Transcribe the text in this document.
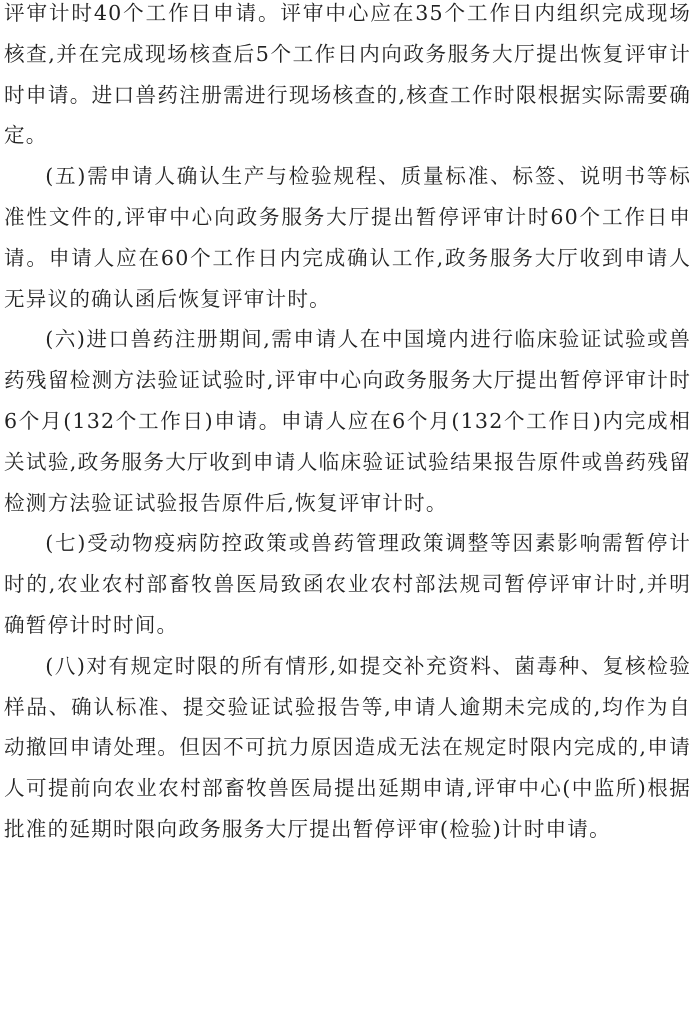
评审计时40个工作日申请。评审中心应在35个工作日内组织完成现场核查,并在完成现场核查后5个工作日内向政务服务大厅提出恢复评审计时申请。进口兽药注册需进行现场核查的,核查工作时限根据实际需要确定。

(五)需申请人确认生产与检验规程、质量标准、标签、说明书等标准性文件的,评审中心向政务服务大厅提出暂停评审计时60个工作日申请。申请人应在60个工作日内完成确认工作,政务服务大厅收到申请人无异议的确认函后恢复评审计时。

(六)进口兽药注册期间,需申请人在中国境内进行临床验证试验或兽药残留检测方法验证试验时,评审中心向政务服务大厅提出暂停评审计时6个月(132个工作日)申请。申请人应在6个月(132个工作日)内完成相关试验,政务服务大厅收到申请人临床验证试验结果报告原件或兽药残留检测方法验证试验报告原件后,恢复评审计时。

(七)受动物疫病防控政策或兽药管理政策调整等因素影响需暂停计时的,农业农村部畜牧兽医局致函农业农村部法规司暂停评审计时,并明确暂停计时时间。

(八)对有规定时限的所有情形,如提交补充资料、菌毒种、复核检验样品、确认标准、提交验证试验报告等,申请人逾期未完成的,均作为自动撤回申请处理。但因不可抗力原因造成无法在规定时限内完成的,申请人可提前向农业农村部畜牧兽医局提出延期申请,评审中心(中监所)根据批准的延期时限向政务服务大厅提出暂停评审(检验)计时申请。
